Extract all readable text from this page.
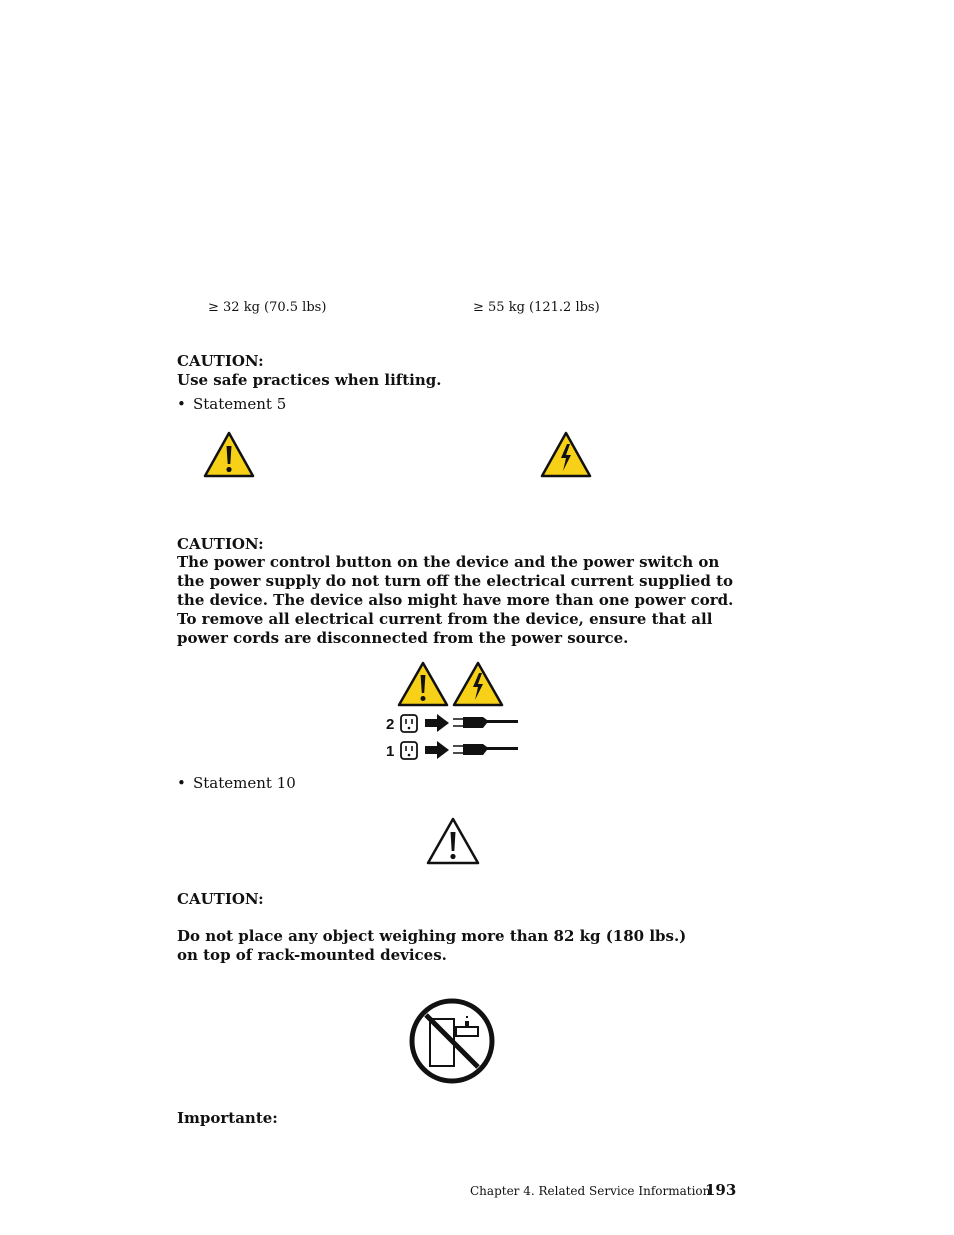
≥ 32 kg (70.5 lbs)	≥ 55 kg (121.2 lbs)
CAUTION:
Use safe practices when lifting.
• Statement 5
CAUTION:
The power control button on the device and the power switch on the power supply do not turn off the electrical current supplied to the device. The device also might have more than one power cord. To remove all electrical current from the device, ensure that all power cords are disconnected from the power source.
2
1
• Statement 10
CAUTION:
Do not place any object weighing more than 82 kg (180 lbs.) on top of rack-mounted devices.
Importante:
Chapter 4. Related Service Information
193
